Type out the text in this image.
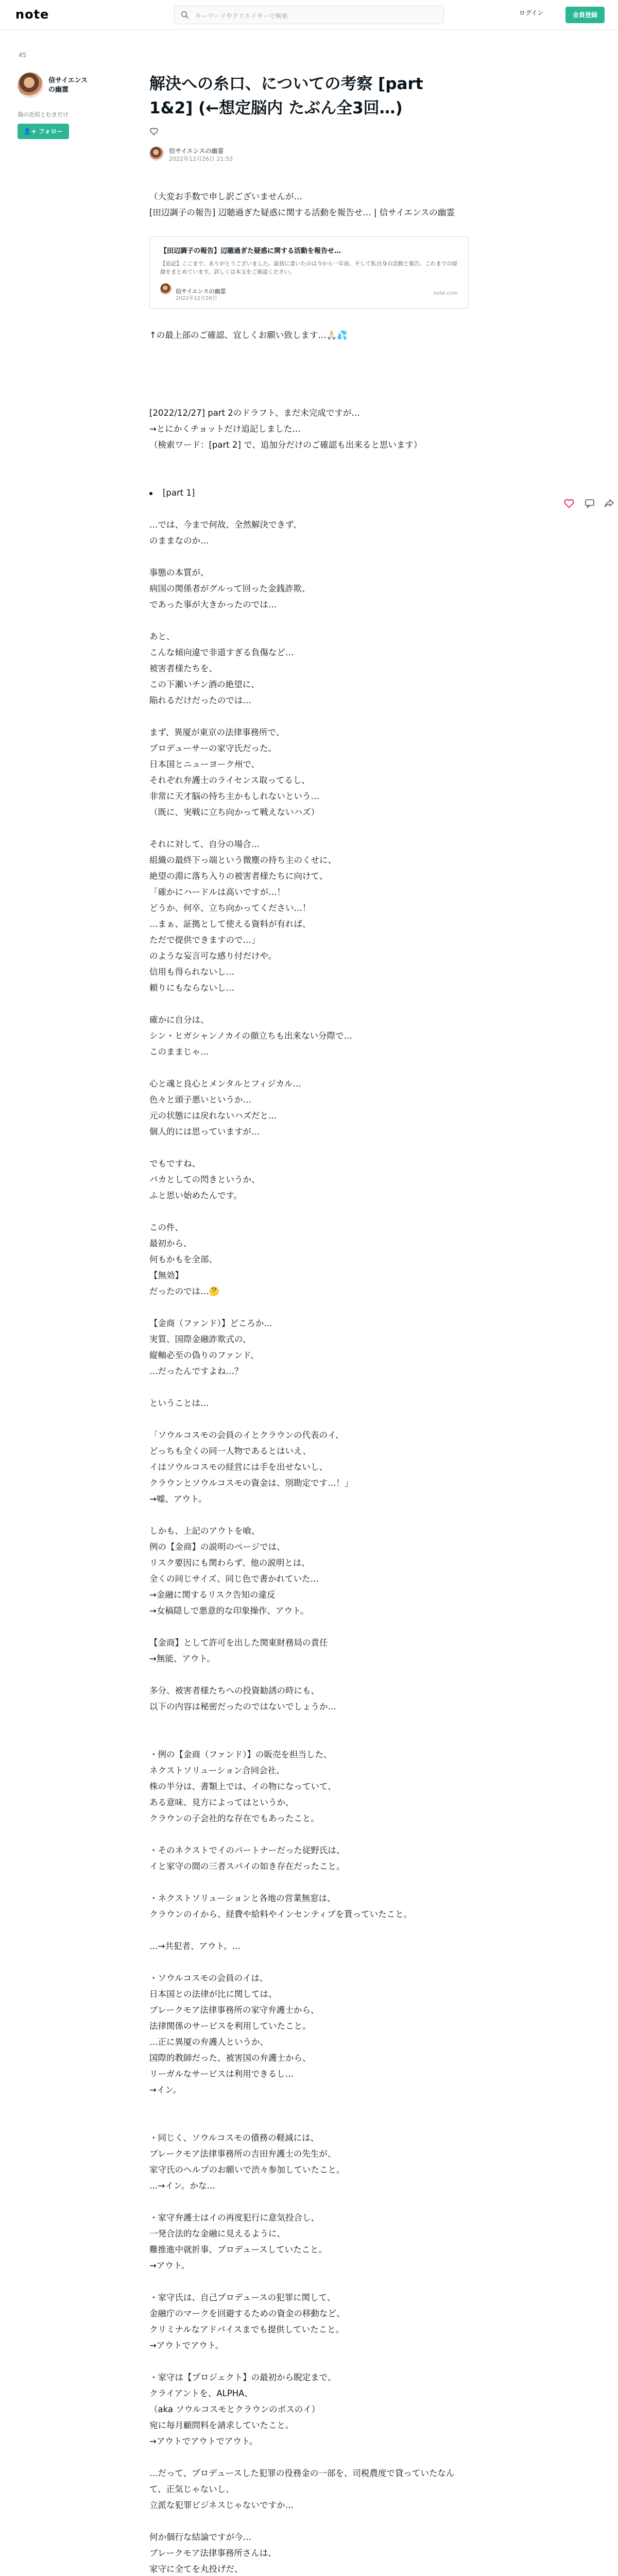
note	キーワードやクリエイターで検索	ログイン	会員登録
45
信サイエンスの幽霊
偽の近似とむきだけ
👤+ フォロー
解決への糸口、についての考察 [part 1&2] (←想定脳内 たぶん全3回…)
信サイエンスの幽霊
2022年12月26日 21:53

（大変お手数で申し訳ございませんが…
[田辺調子の報告] 辺聴過ぎた疑惑に関する活動を報告せ… | 信サイエンスの幽霊

【田辺調子の報告】辺聴過ぎた疑惑に関する活動を報告せ…
【追記】ここまで、ありがとうございました。最初に書いたのは今から一年前、そして私自身の活動と報告、これまでの経緯をまとめています。詳しくは本文をご確認ください。
信サイエンスの幽霊
2022年12月26日
note.com

↑の最上部のご確認、宜しくお願い致します…🙏🏻💦

[2022/12/27] part 2のドラフト、まだ未完成ですが…
→とにかくチョットだけ追記しました…
（検索ワード：[part 2] で、追加分だけのご確認も出来ると思います）

[part 1]

…では、今まで何故、全然解決できず、
のままなのか…

事態の本質が、
病国の関係者がグルって回った金銭詐欺、
であった事が大きかったのでは…

あと、
こんな傾向違で非道すぎる負傷など…
被害者様たちを、
この下瀬いチン酒の絶望に、
陥れるだけだったのでは…

まず、異厦が東京の法律事務所で、
プロデューサーの家守氏だった。
日本国とニューヨーク州で、
それぞれ弁護士のライセンス取ってるし、
非常に天才脳の持ち主かもしれないという…
（既に、実戦に立ち向かって戦えないハズ）

それに対して、自分の場合…
組織の最終下っ端という微塵の持ち主のくせに、
絶望の淵に落ち入りの被害者様たちに向けて、
「確かにハードルは高いですが…！
どうか、何卒、立ち向かってください…！
…まぁ、証拠として使える資料が有れば、
ただで提供できますので…」
のような妄言可な感り付だけや。
信用も得られないし…
頼りにもならないし…

確かに自分は、
シン・ヒガシャンノカイの顔立ちも出来ない分際で…
このままじゃ…

心と魂と良心とメンタルとフィジカル…
色々と頭子悪いというか…
元の状態には戻れないハズだと…
個人的には思っていますが…

でもですね、
バカとしての閃きというか、
ふと思い始めたんです。

この件、
最初から、
何もかもを全部、
【無効】
だったのでは…🤔

【金商（ファンド）】どころか…
実質、国際金融詐欺式の、
縦軸必至の偽りのファンド、
…だったんですよね…？

ということは…

「ソウルコスモの会員のイとクラウンの代表のイ、
どっちも全くの同一人物であるとはいえ、
イはソウルコスモの経営には手を出せないし、
クラウンとソウルコスモの資金は、別勘定です…！」
→嘘、アウト。

しかも、上記のアウトを喰、
例の【金商】の説明のページでは、
リスク要因にも関わらず、他の説明とは、
全くの同じサイズ、同じ色で書かれていた…
→金融に関するリスク告知の違反
→女稿隠しで悪意的な印象操作、アウト。

【金商】として許可を出した関東財務局の責任
→無能、アウト。

多分、被害者様たちへの投資勧誘の時にも、
以下の内容は秘密だったのではないでしょうか…

・例の【金商（ファンド）】の販売を担当した、
ネクストソリューション合同会社、
株の半分は、書類上では、イの物になっていて、
ある意味、見方によってはというか、
クラウンの子会社的な存在でもあったこと。

・そのネクストでイのパートナーだった従野氏は、
イと家守の間の三者スパイの如き存在だったこと。

・ネクストソリューションと各地の営業無窓は、
クラウンのイから、経費や給料やインセンティブを貰っていたこと。

…→共犯者、アウト。…

・ソウルコスモの会員のイは、
日本国との法律が比に関しては、
ブレークモア法律事務所の家守弁護士から、
法律関係のサービスを利用していたこと。
…正に異厦の弁護人というか、
国際的教師だった、被害国の弁護士から、
リーガルなサービスは利用できるし…
→イン。

・同じく、ソウルコスモの債務の軽減には、
ブレークモア法律事務所の吉田弁護士の先生が、
家守氏のヘルプのお願いで渋々参加していたこと。
…→イン。かな…

・家守弁護士はイの再度犯行に意気投合し、
一発合法的な金融に見えるように、
難推進中就折事、プロデュースしていたこと。
→アウト。

・家守氏は、自己プロデュースの犯罪に関して、
金融庁のマークを回避するための資金の移動など、
クリミナルなアドバイスまでも提供していたこと。
→アウトでアウト。

・家守は【プロジェクト】の最初から睨定まで、
クライアントを、ALPHA、
（aka ソウルコスモとクラウンのボスのイ）
宛に毎月顧問料を請求していたこと。
→アウトでアウトでアウト。

…だって、プロデュースした犯罪の役務金の一部を、司税農度で貸っていたなんて、正気じゃないし、
立派な犯罪ビジネスじゃないですか…

何か個行な結論ですが今…
ブレークモア法律事務所さんは、
家守に全てを丸投げだ、
